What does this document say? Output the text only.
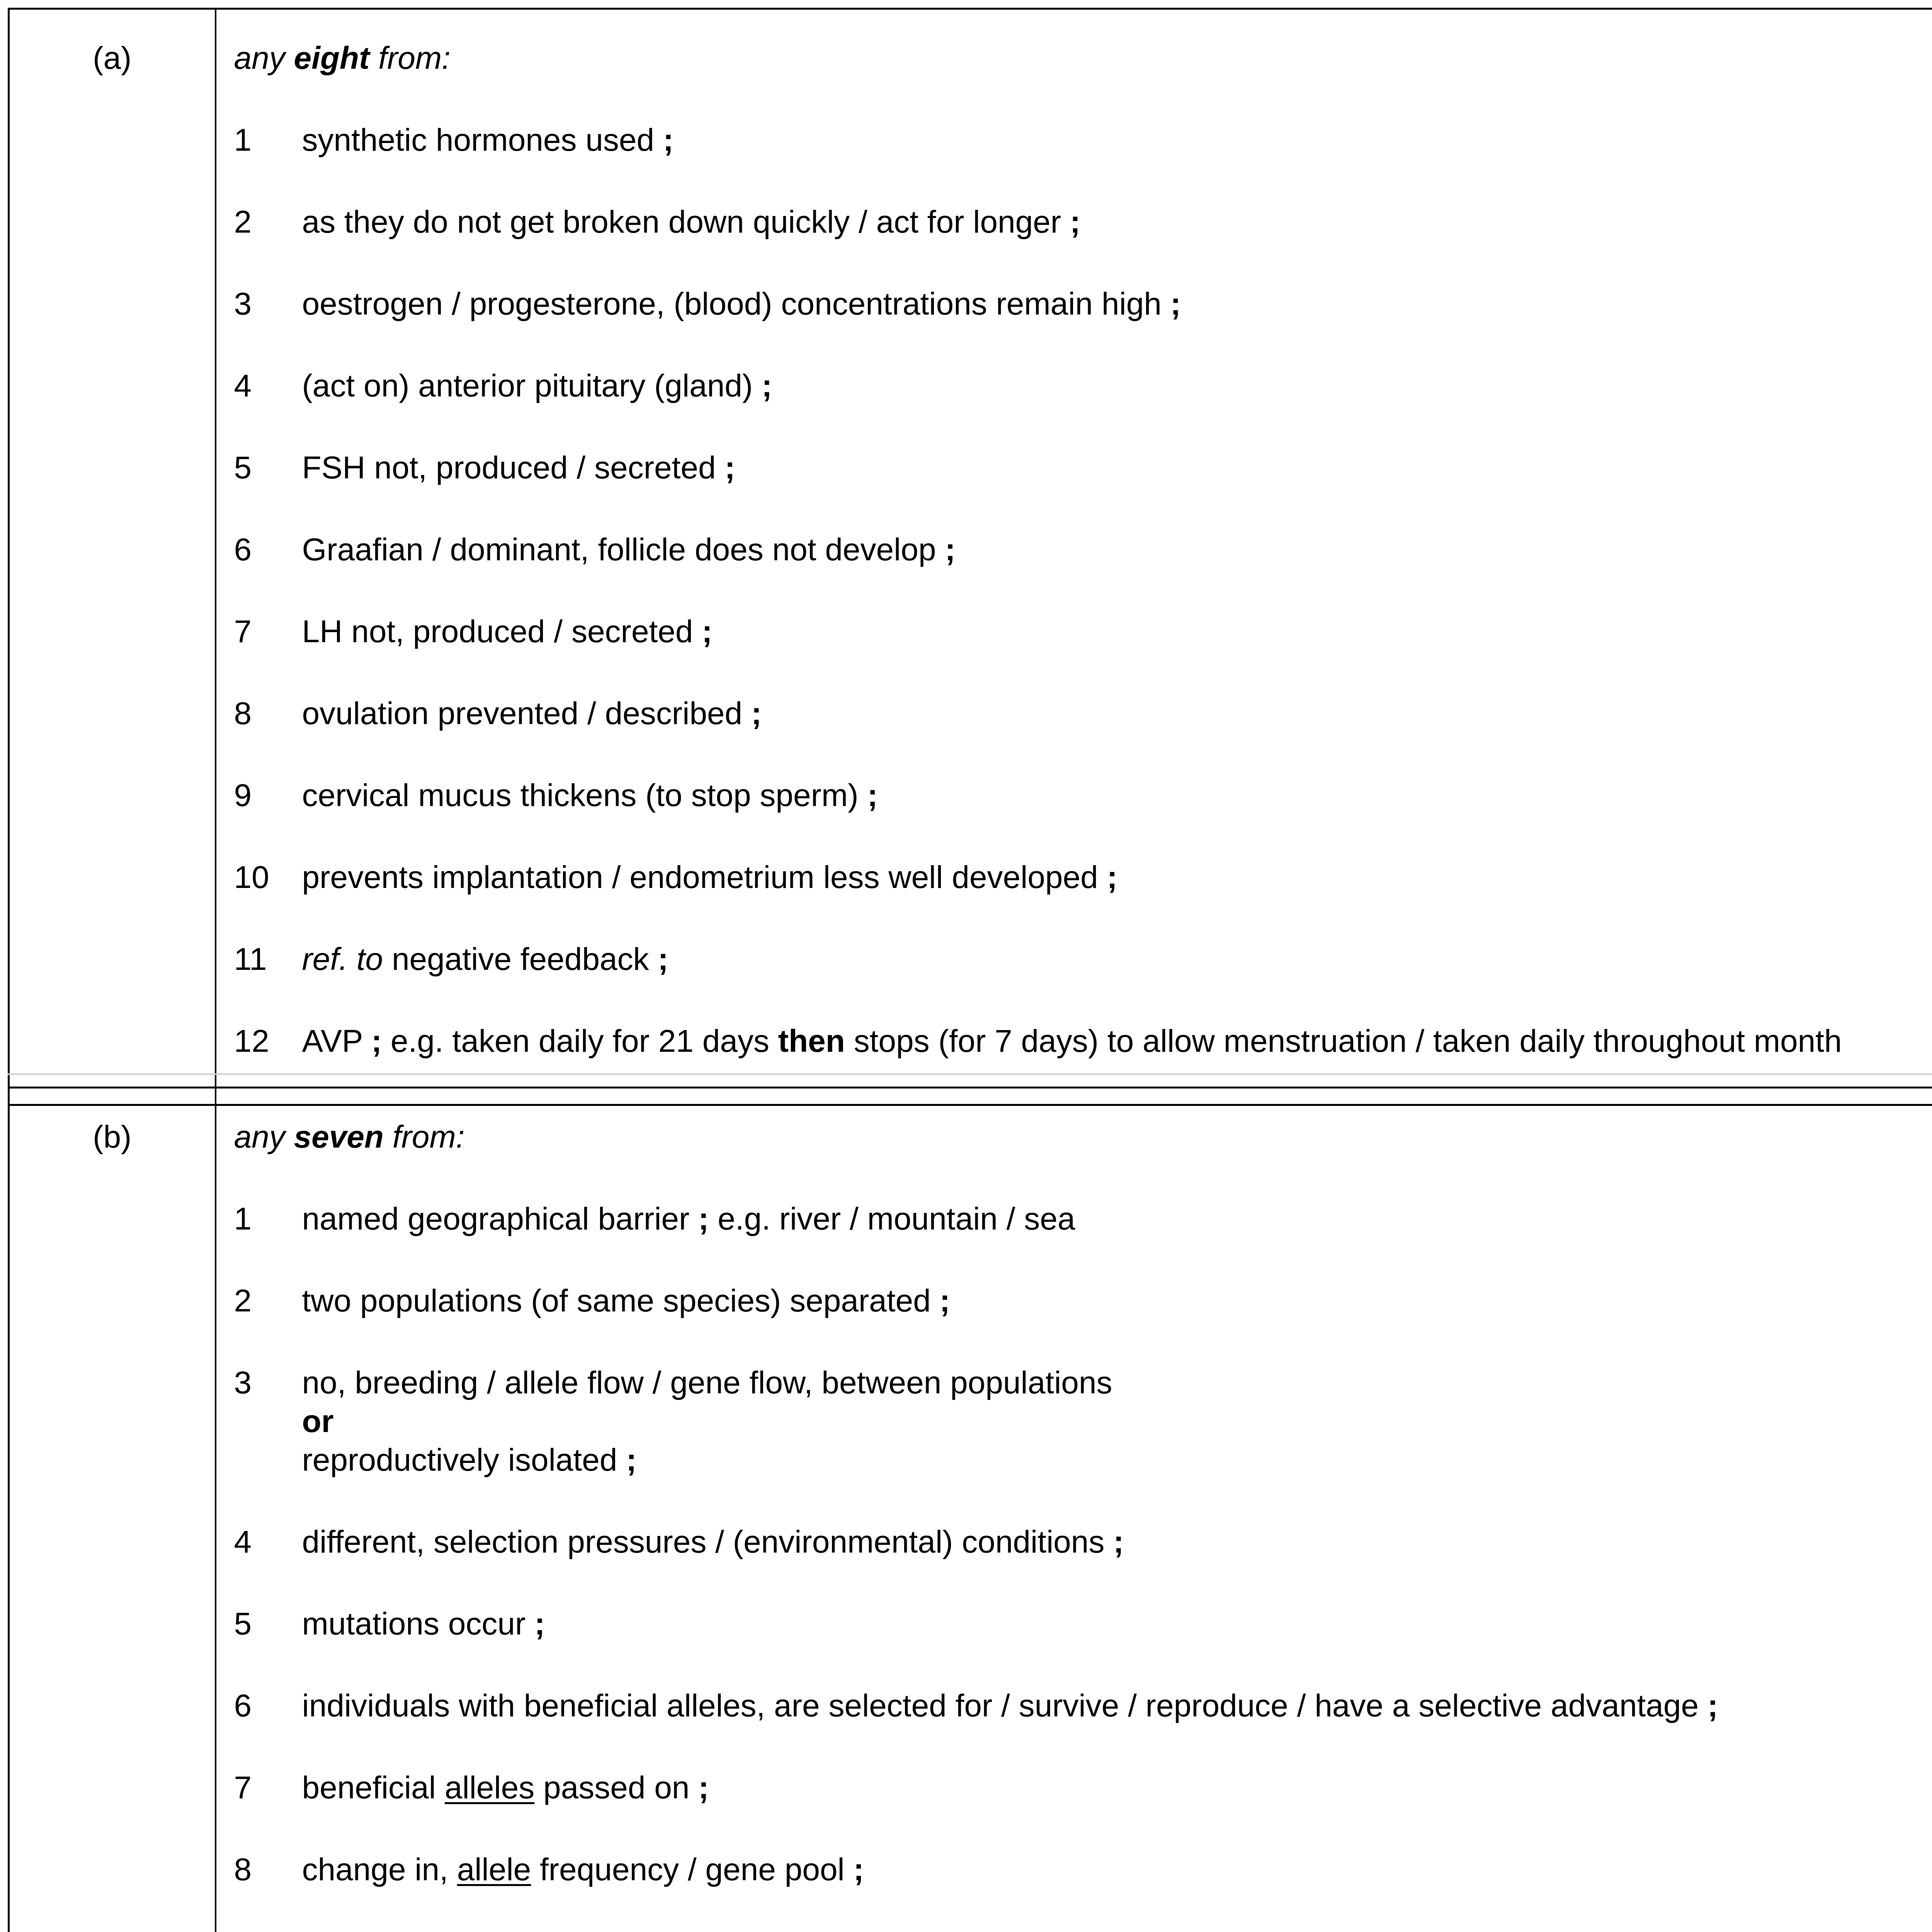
(a)	any eight from:
1 synthetic hormones used ;
2 as they do not get broken down quickly / act for longer ;
3 oestrogen / progesterone, (blood) concentrations remain high ;
4 (act on) anterior pituitary (gland) ;
5 FSH not, produced / secreted ;
6 Graafian / dominant, follicle does not develop ;
7 LH not, produced / secreted ;
8 ovulation prevented / described ;
9 cervical mucus thickens (to stop sperm) ;
10 prevents implantation / endometrium less well developed ;
11 ref. to negative feedback ;
12 AVP ; e.g. taken daily for 21 days then stops (for 7 days) to allow menstruation / taken daily throughout month

(b)	any seven from:
1 named geographical barrier ; e.g. river / mountain / sea
2 two populations (of same species) separated ;
3 no, breeding / allele flow / gene flow, between populations
or
reproductively isolated ;
4 different, selection pressures / (environmental) conditions ;
5 mutations occur ;
6 individuals with beneficial alleles, are selected for / survive / reproduce / have a selective advantage ;
7 beneficial alleles passed on ;
8 change in, allele frequency / gene pool ;
